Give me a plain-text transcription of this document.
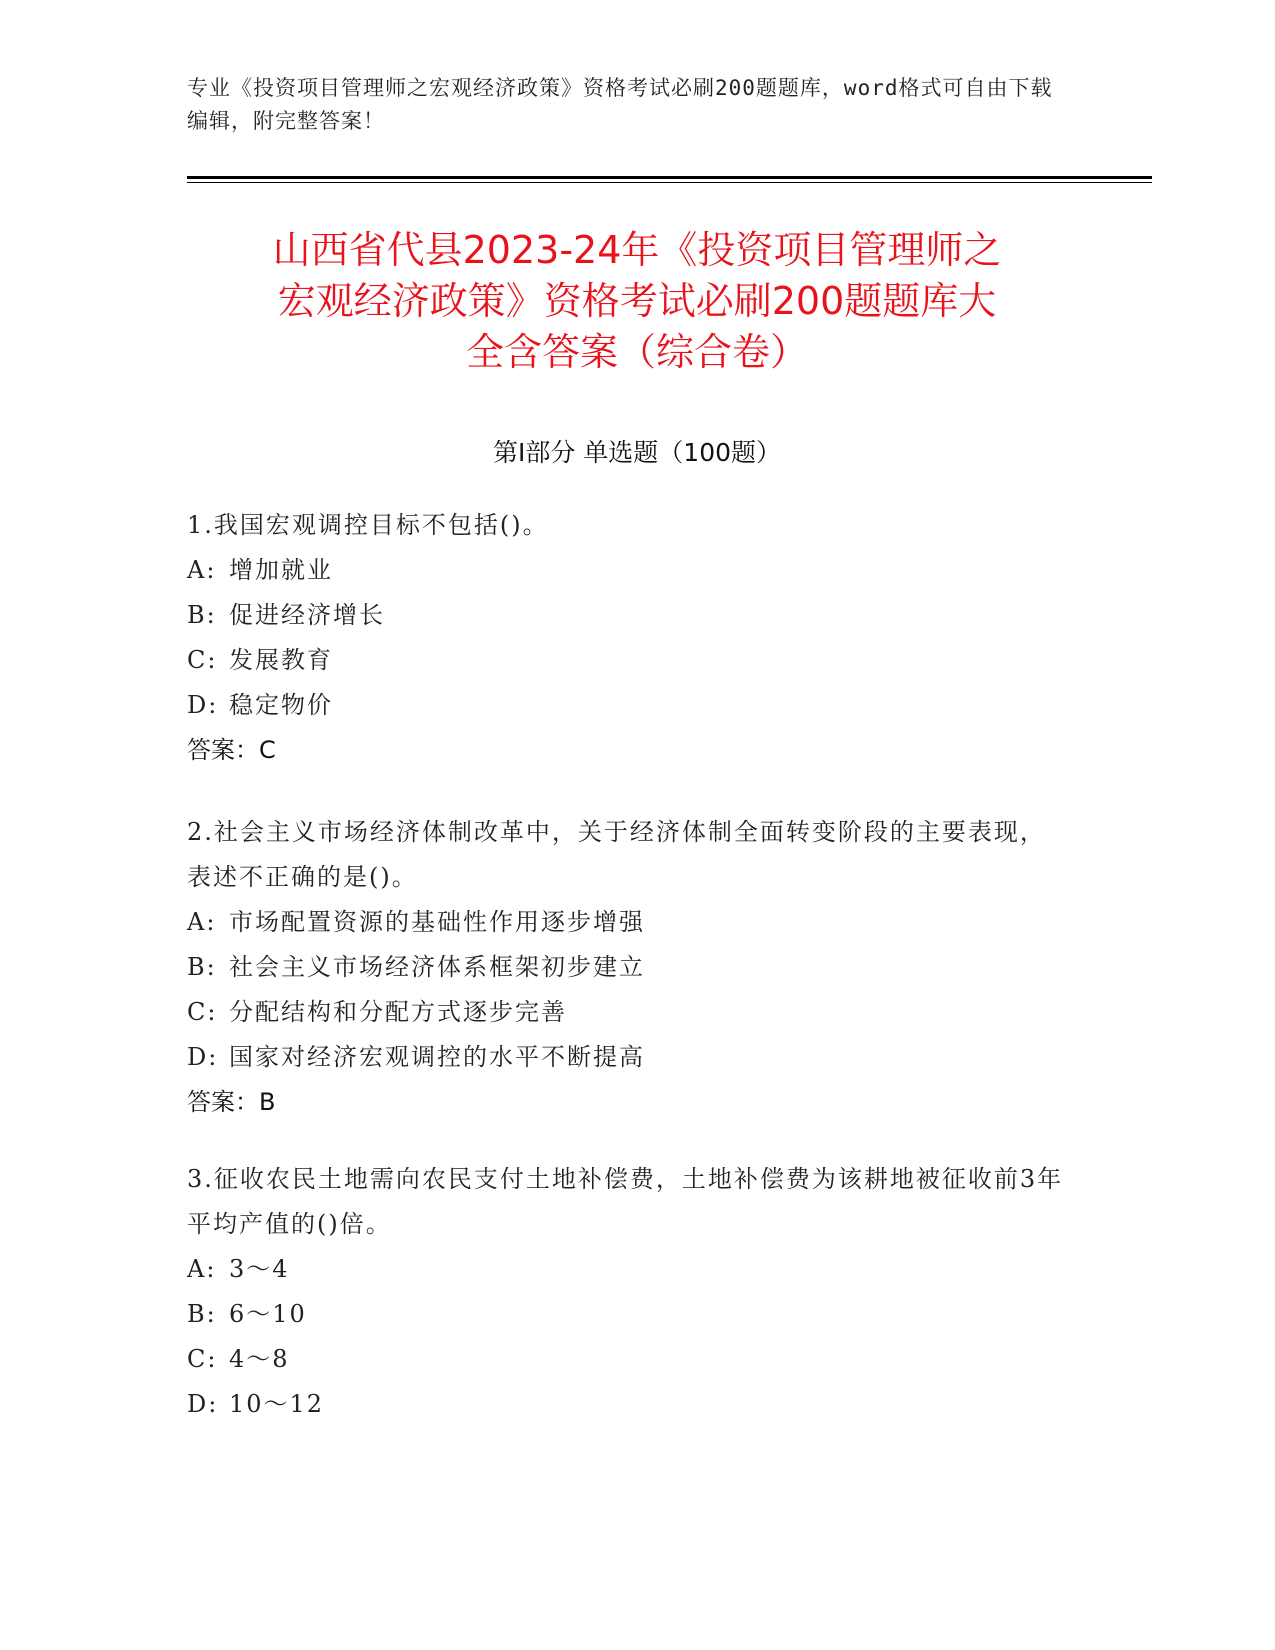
专业《投资项目管理师之宏观经济政策》资格考试必刷200题题库，word格式可自由下载编辑，附完整答案！
山西省代县2023-24年《投资项目管理师之
宏观经济政策》资格考试必刷200题题库大
全含答案（综合卷）
第Ⅰ部分 单选题（100题）
1.我国宏观调控目标不包括()。
A: 增加就业
B: 促进经济增长
C: 发展教育
D: 稳定物价
答案：C
2.社会主义市场经济体制改革中，关于经济体制全面转变阶段的主要表现，表述不正确的是()。
A: 市场配置资源的基础性作用逐步增强
B: 社会主义市场经济体系框架初步建立
C: 分配结构和分配方式逐步完善
D: 国家对经济宏观调控的水平不断提高
答案：B
3.征收农民土地需向农民支付土地补偿费，土地补偿费为该耕地被征收前3年平均产值的()倍。
A: 3～4
B: 6～10
C: 4～8
D: 10～12
